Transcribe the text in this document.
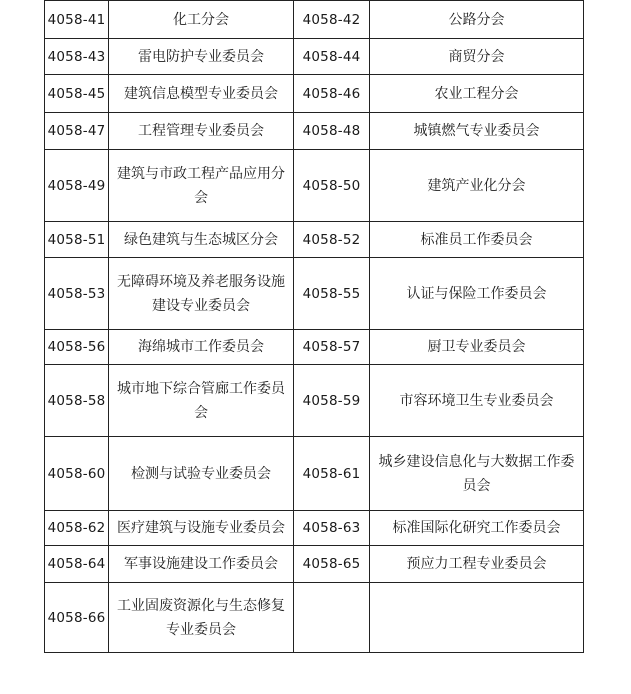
4058-41	化工分会	4058-42	公路分会
4058-43	雷电防护专业委员会	4058-44	商贸分会
4058-45	建筑信息模型专业委员会	4058-46	农业工程分会
4058-47	工程管理专业委员会	4058-48	城镇燃气专业委员会
4058-49	建筑与市政工程产品应用分会	4058-50	建筑产业化分会
4058-51	绿色建筑与生态城区分会	4058-52	标准员工作委员会
4058-53	无障碍环境及养老服务设施建设专业委员会	4058-55	认证与保险工作委员会
4058-56	海绵城市工作委员会	4058-57	厨卫专业委员会
4058-58	城市地下综合管廊工作委员会	4058-59	市容环境卫生专业委员会
4058-60	检测与试验专业委员会	4058-61	城乡建设信息化与大数据工作委员会
4058-62	医疗建筑与设施专业委员会	4058-63	标准国际化研究工作委员会
4058-64	军事设施建设工作委员会	4058-65	预应力工程专业委员会
4058-66	工业固废资源化与生态修复专业委员会		
